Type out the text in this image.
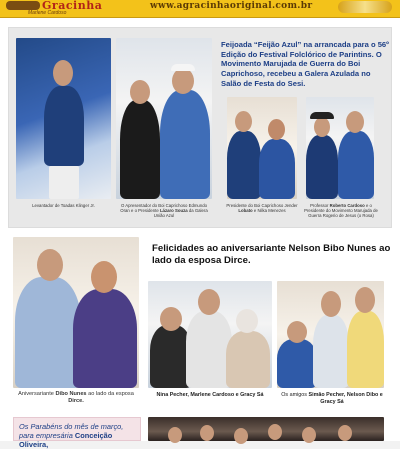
Gracinha
Marlene Cardoso
www.agracinhaoriginal.com.br
Levantador de Toadas Klinger Jr.	O Apresentador do Boi Caprichoso Edmundo Oran e o Presidente Lázaro Souza da Galera União Azul
Feijoada “Feijão Azul” na arrancada para o 56º Edição do Festival Folclórico de Parintins. O Movimento Marujada de Guerra do Boi Caprichoso, recebeu a Galera Azulada no Salão de Festa do Sesi.
Presidente do Boi Caprichoso Jender Lobato e Nilka Menezes
Professor Roberto Cardoso e o Presidente do Movimento Marujada de Guerra Rogerio de Jesus (o Rosa)
Aniversariante Dibo Nunes ao lado da esposa Dirce.
Felicidades ao aniversariante Nelson Bibo Nunes ao lado da esposa Dirce.
Nina Pecher, Marlene Cardoso e Gracy Sá	Os amigos Simão Pecher, Nelson Dibo e Gracy Sá
Os Parabéns do mês de março, para empresária Conceição Oliveira,
